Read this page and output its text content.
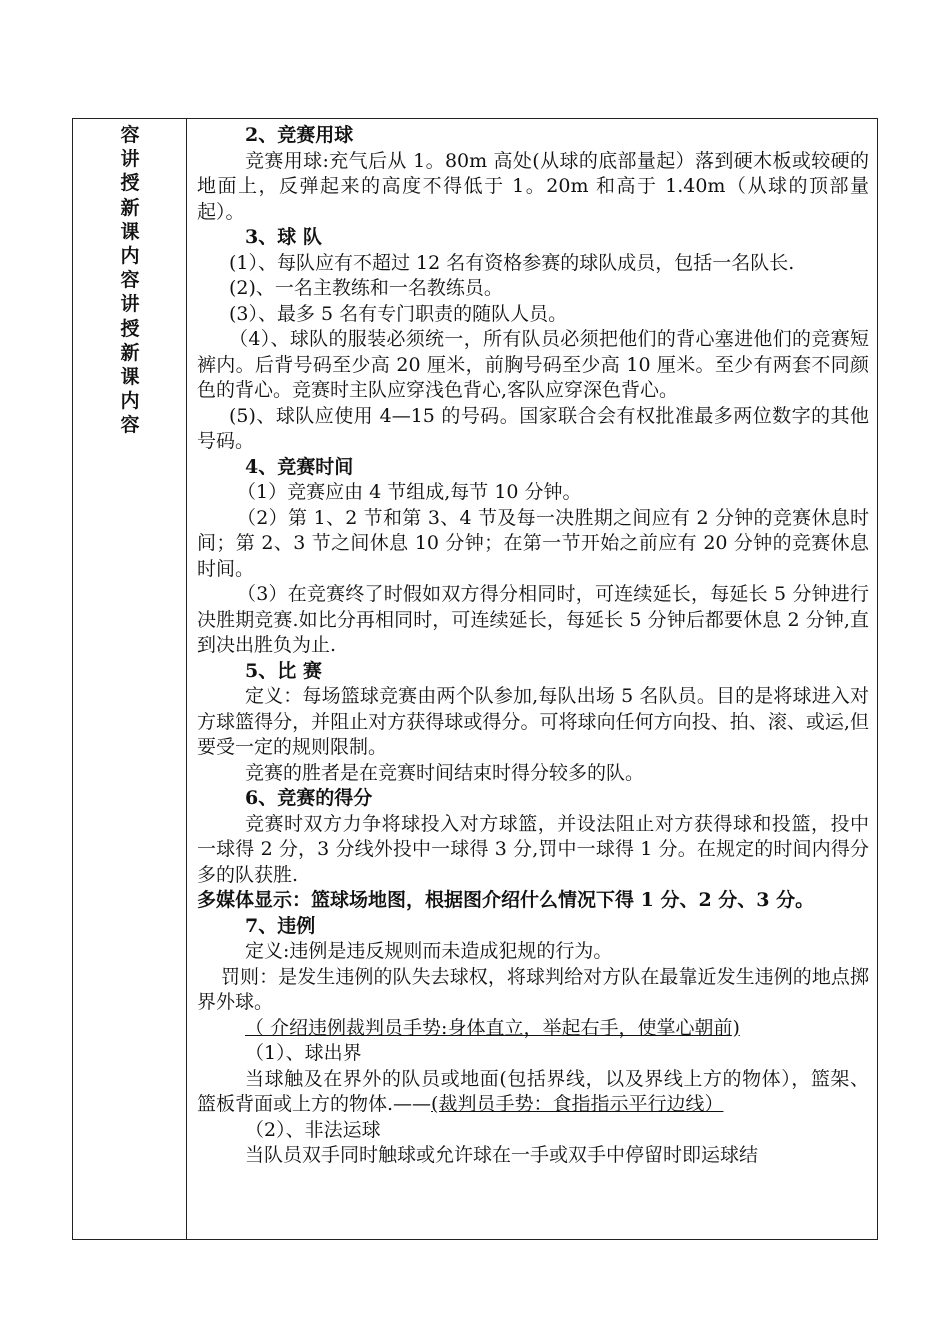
容
讲
授
新
课
内
容
讲
授
新
课
内
容

2、竞赛用球

竞赛用球:充气后从 1。80m 高处(从球的底部量起）落到硬木板或较硬的地面上，反弹起来的高度不得低于 1。20m 和高于 1.40m（从球的顶部量起）。

3、球 队

(1）、每队应有不超过 12 名有资格参赛的球队成员，包括一名队长.

(2)、一名主教练和一名教练员。

(3）、最多 5 名有专门职责的随队人员。

（4）、球队的服装必须统一，所有队员必须把他们的背心塞进他们的竞赛短裤内。后背号码至少高 20 厘米，前胸号码至少高 10 厘米。至少有两套不同颜色的背心。竞赛时主队应穿浅色背心,客队应穿深色背心。

(5)、球队应使用 4—15 的号码。国家联合会有权批准最多两位数字的其他号码。

4、竞赛时间

（1）竞赛应由 4 节组成,每节 10 分钟。

（2）第 1、2 节和第 3、4 节及每一决胜期之间应有 2 分钟的竞赛休息时间；第 2、3 节之间休息 10 分钟；在第一节开始之前应有 20 分钟的竞赛休息时间。

（3）在竞赛终了时假如双方得分相同时，可连续延长，每延长 5 分钟进行决胜期竞赛.如比分再相同时，可连续延长，每延长 5 分钟后都要休息 2 分钟,直到决出胜负为止.

5、比 赛

定义：每场篮球竞赛由两个队参加,每队出场 5 名队员。目的是将球进入对方球篮得分，并阻止对方获得球或得分。可将球向任何方向投、拍、滚、或运,但要受一定的规则限制。

竞赛的胜者是在竞赛时间结束时得分较多的队。

6、竞赛的得分

竞赛时双方力争将球投入对方球篮，并设法阻止对方获得球和投篮，投中一球得 2 分，3 分线外投中一球得 3 分,罚中一球得 1 分。在规定的时间内得分多的队获胜.

多媒体显示：篮球场地图，根据图介绍什么情况下得 1 分、2 分、3 分。

7、违例

定义:违例是违反规则而未造成犯规的行为。

罚则：是发生违例的队失去球权，将球判给对方队在最靠近发生违例的地点掷界外球。

（ 介绍违例裁判员手势:身体直立，举起右手，使掌心朝前)

（1）、球出界

当球触及在界外的队员或地面(包括界线，以及界线上方的物体），篮架、篮板背面或上方的物体.——(裁判员手势：食指指示平行边线）

（2）、非法运球

当队员双手同时触球或允许球在一手或双手中停留时即运球结
